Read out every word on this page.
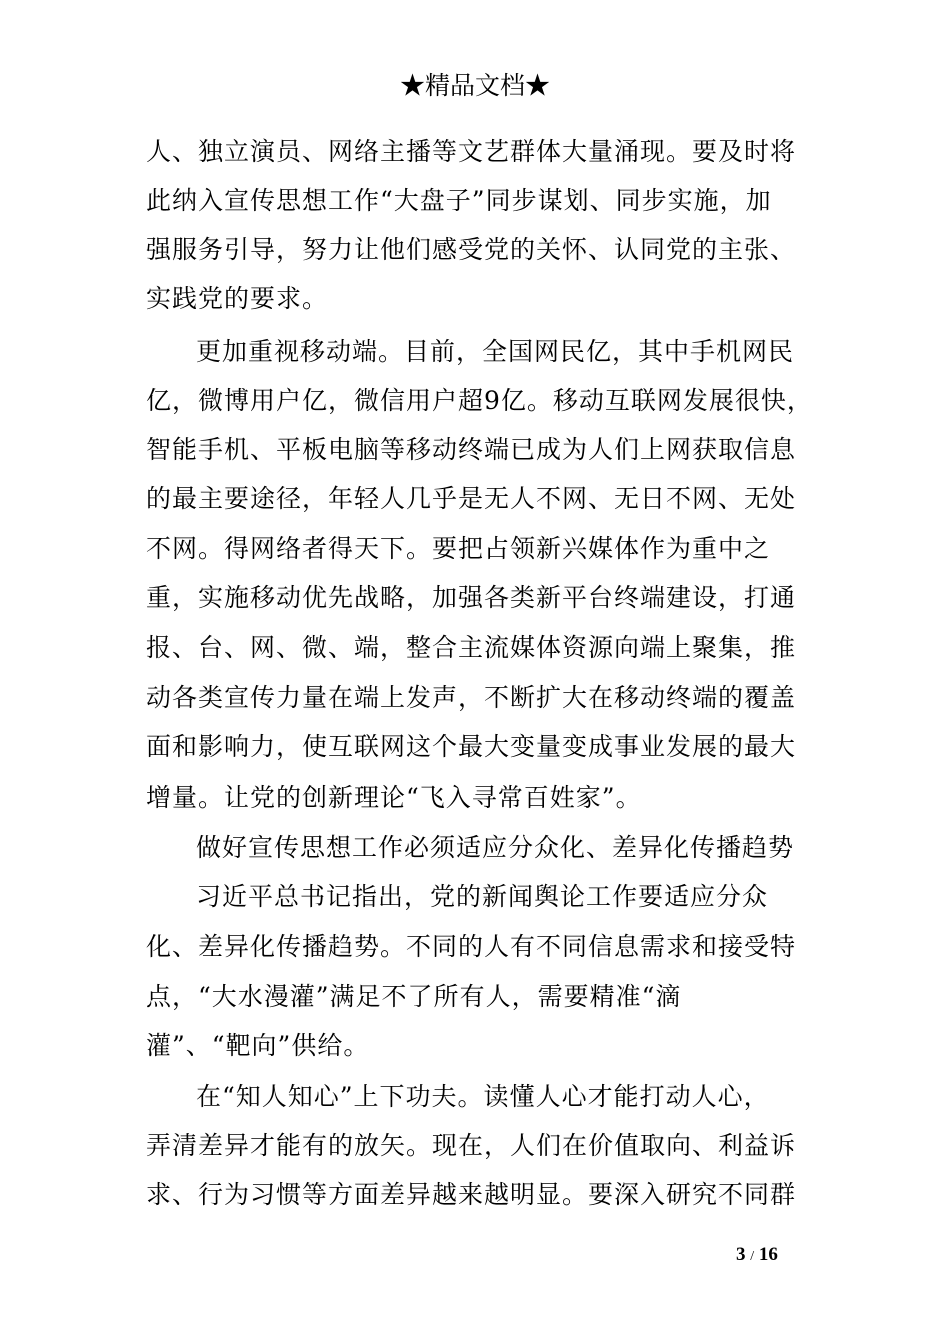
★精品文档★
人、独立演员、网络主播等文艺群体大量涌现。要及时将
此纳入宣传思想工作“大盘子”同步谋划、同步实施，加
强服务引导，努力让他们感受党的关怀、认同党的主张、
实践党的要求。
更加重视移动端。目前，全国网民亿，其中手机网民
亿，微博用户亿，微信用户超9亿。移动互联网发展很快，
智能手机、平板电脑等移动终端已成为人们上网获取信息
的最主要途径，年轻人几乎是无人不网、无日不网、无处
不网。得网络者得天下。要把占领新兴媒体作为重中之
重，实施移动优先战略，加强各类新平台终端建设，打通
报、台、网、微、端，整合主流媒体资源向端上聚集，推
动各类宣传力量在端上发声，不断扩大在移动终端的覆盖
面和影响力，使互联网这个最大变量变成事业发展的最大
增量。让党的创新理论“飞入寻常百姓家”。
做好宣传思想工作必须适应分众化、差异化传播趋势
习近平总书记指出，党的新闻舆论工作要适应分众
化、差异化传播趋势。不同的人有不同信息需求和接受特
点，“大水漫灌”满足不了所有人，需要精准“滴
灌”、“靶向”供给。
在“知人知心”上下功夫。读懂人心才能打动人心，
弄清差异才能有的放矢。现在，人们在价值取向、利益诉
求、行为习惯等方面差异越来越明显。要深入研究不同群
3 / 16
